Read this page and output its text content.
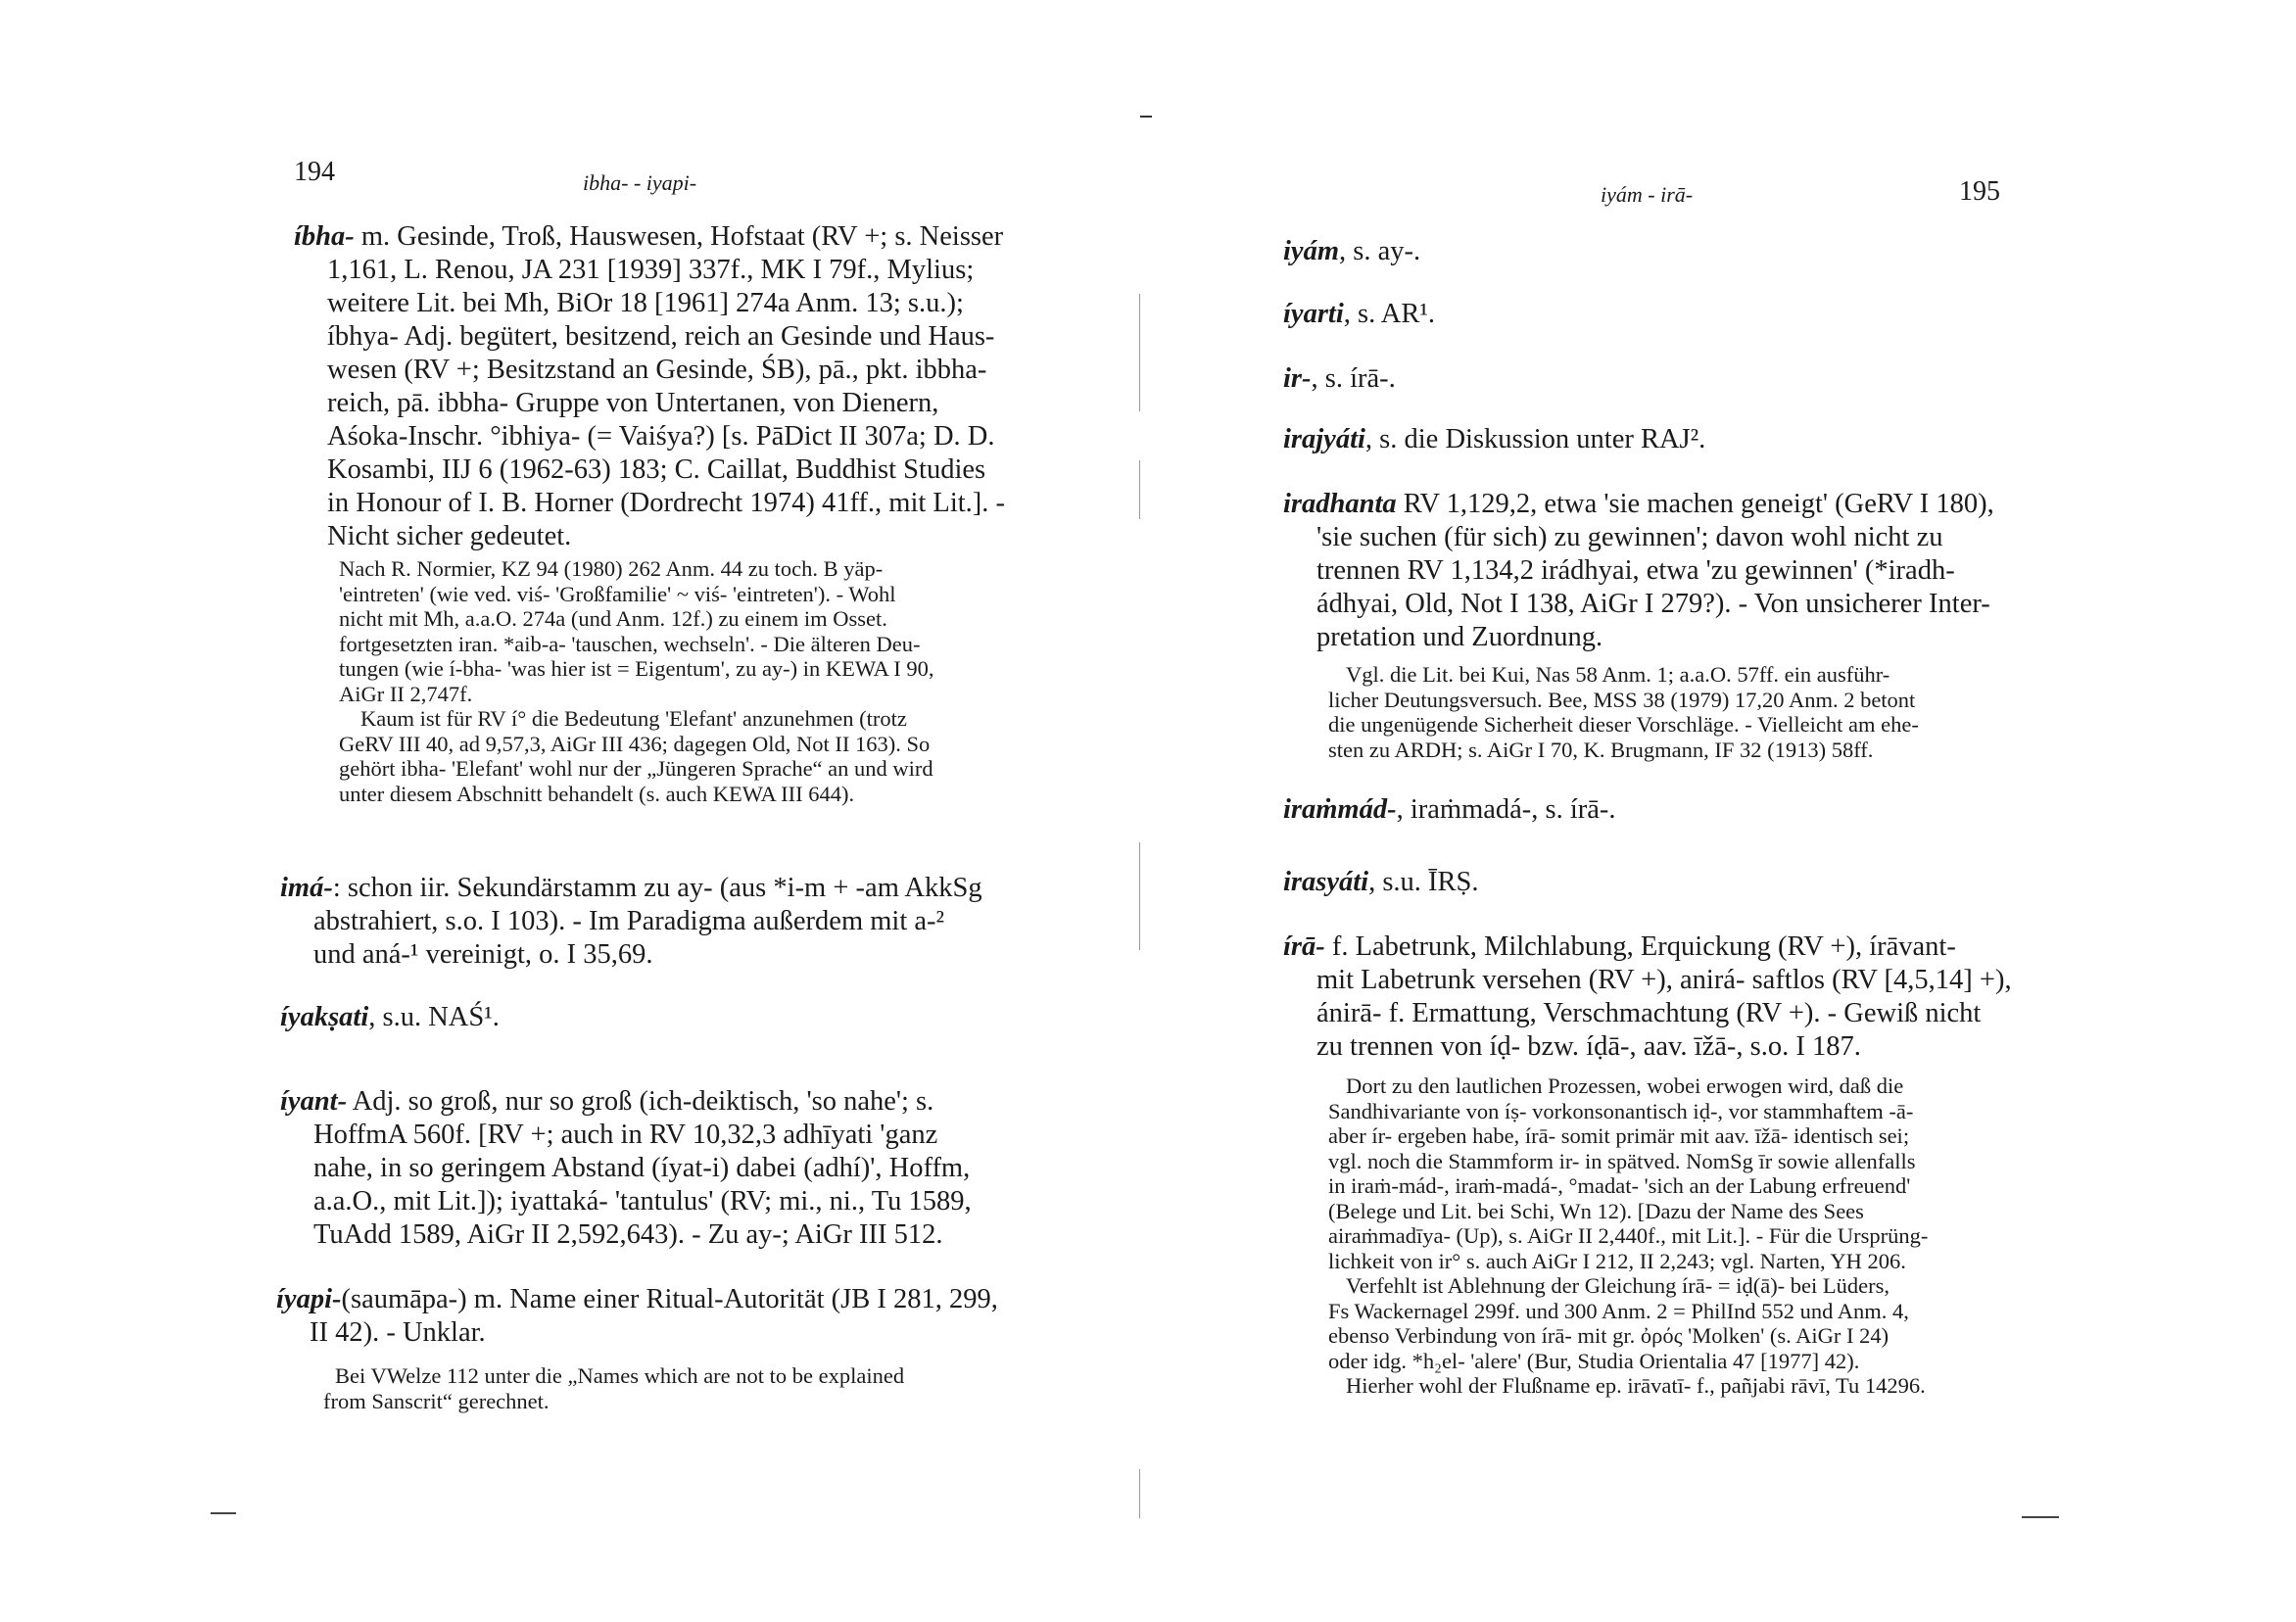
194	ibha- - iyapi-
íbha- m. Gesinde, Troß, Hauswesen, Hofstaat (RV +; s. Neisser
1,161, L. Renou, JA 231 [1939] 337f., MK I 79f., Mylius;
weitere Lit. bei Mh, BiOr 18 [1961] 274a Anm. 13; s.u.);
íbhya- Adj. begütert, besitzend, reich an Gesinde und Haus-
wesen (RV +; Besitzstand an Gesinde, ŚB), pā., pkt. ibbha-
reich, pā. ibbha- Gruppe von Untertanen, von Dienern,
Aśoka-Inschr. °ibhiya- (= Vaiśya?) [s. PāDict II 307a; D. D.
Kosambi, IIJ 6 (1962-63) 183; C. Caillat, Buddhist Studies
in Honour of I. B. Horner (Dordrecht 1974) 41ff., mit Lit.]. -
Nicht sicher gedeutet.
Nach R. Normier, KZ 94 (1980) 262 Anm. 44 zu toch. B yäp-
'eintreten' (wie ved. viś- 'Großfamilie' ~ viś- 'eintreten'). - Wohl
nicht mit Mh, a.a.O. 274a (und Anm. 12f.) zu einem im Osset.
fortgesetzten iran. *aib-a- 'tauschen, wechseln'. - Die älteren Deu-
tungen (wie í-bha- 'was hier ist = Eigentum', zu ay-) in KEWA I 90,
AiGr II 2,747f.
Kaum ist für RV í° die Bedeutung 'Elefant' anzunehmen (trotz
GeRV III 40, ad 9,57,3, AiGr III 436; dagegen Old, Not II 163). So
gehört ibha- 'Elefant' wohl nur der „Jüngeren Sprache“ an und wird
unter diesem Abschnitt behandelt (s. auch KEWA III 644).
imá-: schon iir. Sekundärstamm zu ay- (aus *i-m + -am AkkSg
abstrahiert, s.o. I 103). - Im Paradigma außerdem mit a-²
und aná-¹ vereinigt, o. I 35,69.
íyakṣati, s.u. NAŚ¹.
íyant- Adj. so groß, nur so groß (ich-deiktisch, 'so nahe'; s.
HoffmA 560f. [RV +; auch in RV 10,32,3 adhīyati 'ganz
nahe, in so geringem Abstand (íyat-i) dabei (adhí)', Hoffm,
a.a.O., mit Lit.]); iyattaká- 'tantulus' (RV; mi., ni., Tu 1589,
TuAdd 1589, AiGr II 2,592,643). - Zu ay-; AiGr III 512.
íyapi-(saumāpa-) m. Name einer Ritual-Autorität (JB I 281, 299,
II 42). - Unklar.
Bei VWelze 112 unter die „Names which are not to be explained
from Sanscrit“ gerechnet.
iyám - irā-	195
iyám, s. ay-.
íyarti, s. AR¹.
ir-, s. írā-.
irajyáti, s. die Diskussion unter RAJ².
iradhanta RV 1,129,2, etwa 'sie machen geneigt' (GeRV I 180),
'sie suchen (für sich) zu gewinnen'; davon wohl nicht zu
trennen RV 1,134,2 irádhyai, etwa 'zu gewinnen' (*iradh-
ádhyai, Old, Not I 138, AiGr I 279?). - Von unsicherer Inter-
pretation und Zuordnung.
Vgl. die Lit. bei Kui, Nas 58 Anm. 1; a.a.O. 57ff. ein ausführ-
licher Deutungsversuch. Bee, MSS 38 (1979) 17,20 Anm. 2 betont
die ungenügende Sicherheit dieser Vorschläge. - Vielleicht am ehe-
sten zu ARDH; s. AiGr I 70, K. Brugmann, IF 32 (1913) 58ff.
iraṁmád-, iraṁmadá-, s. írā-.
irasyáti, s.u. ĪRṢ.
írā- f. Labetrunk, Milchlabung, Erquickung (RV +), írāvant-
mit Labetrunk versehen (RV +), anirá- saftlos (RV [4,5,14] +),
ánirā- f. Ermattung, Verschmachtung (RV +). - Gewiß nicht
zu trennen von íḍ- bzw. íḍā-, aav. īžā-, s.o. I 187.
Dort zu den lautlichen Prozessen, wobei erwogen wird, daß die
Sandhivariante von íṣ- vorkonsonantisch iḍ-, vor stammhaftem -ā-
aber ír- ergeben habe, írā- somit primär mit aav. īžā- identisch sei;
vgl. noch die Stammform ir- in spätved. NomSg īr sowie allenfalls
in iraṁ-mád-, iraṁ-madá-, °madat- 'sich an der Labung erfreuend'
(Belege und Lit. bei Schi, Wn 12). [Dazu der Name des Sees
airaṁmadīya- (Up), s. AiGr II 2,440f., mit Lit.]. - Für die Ursprüng-
lichkeit von ir° s. auch AiGr I 212, II 2,243; vgl. Narten, YH 206.
Verfehlt ist Ablehnung der Gleichung írā- = iḍ(ā)- bei Lüders,
Fs Wackernagel 299f. und 300 Anm. 2 = PhilInd 552 und Anm. 4,
ebenso Verbindung von írā- mit gr. ὀρός 'Molken' (s. AiGr I 24)
oder idg. *h₂el- 'alere' (Bur, Studia Orientalia 47 [1977] 42).
Hierher wohl der Flußname ep. irāvatī- f., pañjabi rāvī, Tu 14296.
